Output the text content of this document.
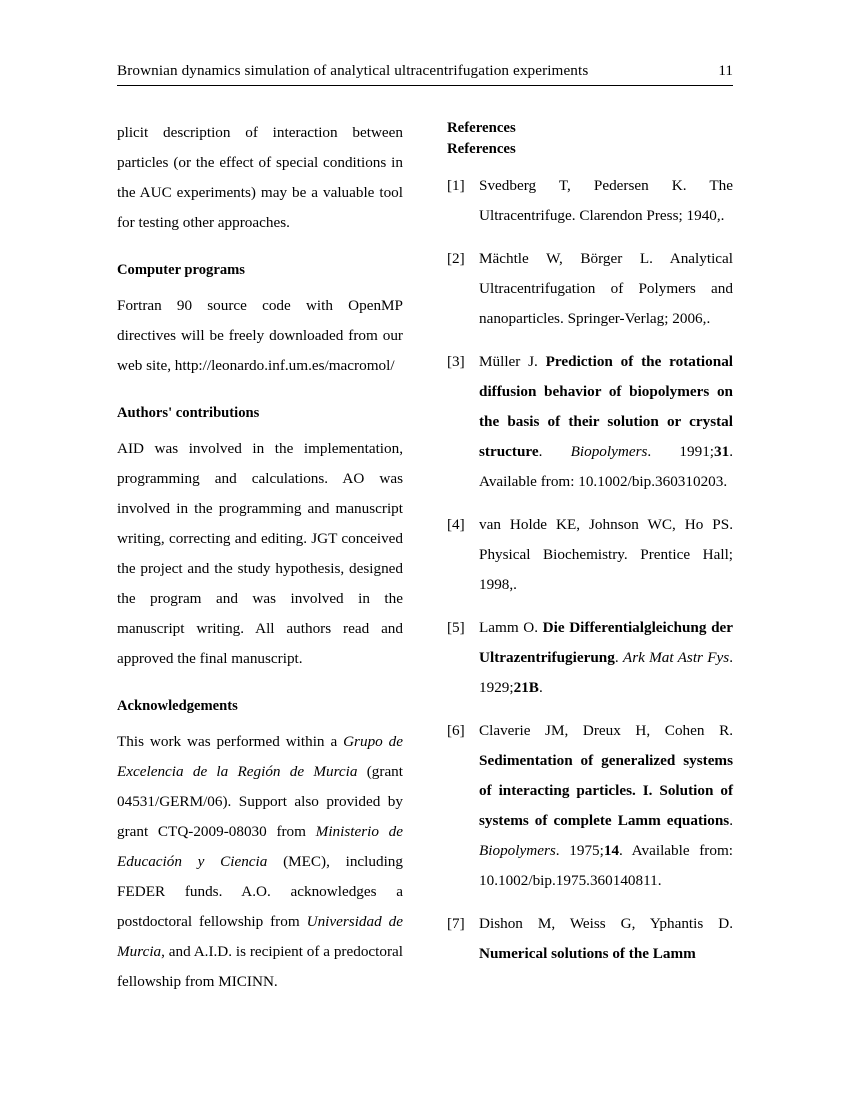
Brownian dynamics simulation of analytical ultracentrifugation experiments	11

plicit description of interaction between particles (or the effect of special conditions in the AUC experiments) may be a valuable tool for testing other approaches.

Computer programs

Fortran 90 source code with OpenMP directives will be freely downloaded from our web site, http://leonardo.inf.um.es/macromol/

Authors' contributions

AID was involved in the implementation, programming and calculations. AO was involved in the programming and manuscript writing, correcting and editing. JGT conceived the project and the study hypothesis, designed the program and was involved in the manuscript writing. All authors read and approved the final manuscript.

Acknowledgements

This work was performed within a Grupo de Excelencia de la Región de Murcia (grant 04531/GERM/06). Support also provided by grant CTQ-2009-08030 from Ministerio de Educación y Ciencia (MEC), including FEDER funds. A.O. acknowledges a postdoctoral fellowship from Universidad de Murcia, and A.I.D. is recipient of a predoctoral fellowship from MICINN.

References
References
[1] Svedberg T, Pedersen K. The Ultracentrifuge. Clarendon Press; 1940,.
[2] Mächtle W, Börger L. Analytical Ultracentrifugation of Polymers and nanoparticles. Springer-Verlag; 2006,.
[3] Müller J. Prediction of the rotational diffusion behavior of biopolymers on the basis of their solution or crystal structure. Biopolymers. 1991;31. Available from: 10.1002/bip.360310203.
[4] van Holde KE, Johnson WC, Ho PS. Physical Biochemistry. Prentice Hall; 1998,.
[5] Lamm O. Die Differentialgleichung der Ultrazentrifugierung. Ark Mat Astr Fys. 1929;21B.
[6] Claverie JM, Dreux H, Cohen R. Sedimentation of generalized systems of interacting particles. I. Solution of systems of complete Lamm equations. Biopolymers. 1975;14. Available from: 10.1002/bip.1975.360140811.
[7] Dishon M, Weiss G, Yphantis D. Numerical solutions of the Lamm
